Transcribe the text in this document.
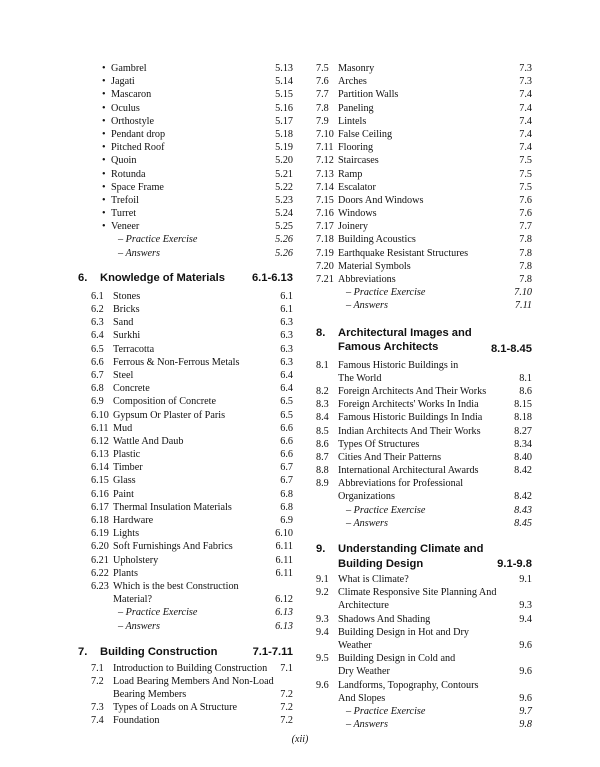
• Gambrel	5.13
• Jagati	5.14
• Mascaron	5.15
• Oculus	5.16
• Orthostyle	5.17
• Pendant drop	5.18
• Pitched Roof	5.19
• Quoin	5.20
• Rotunda	5.21
• Space Frame	5.22
• Trefoil	5.23
• Turret	5.24
• Veneer	5.25
– Practice Exercise	5.26
– Answers	5.26
6. Knowledge of Materials 6.1-6.13
6.1 Stones	6.1
6.2 Bricks	6.1
6.3 Sand	6.3
6.4 Surkhi	6.3
6.5 Terracotta	6.3
6.6 Ferrous & Non-Ferrous Metals	6.3
6.7 Steel	6.4
6.8 Concrete	6.4
6.9 Composition of Concrete	6.5
6.10 Gypsum Or Plaster of Paris	6.5
6.11 Mud	6.6
6.12 Wattle And Daub	6.6
6.13 Plastic	6.6
6.14 Timber	6.7
6.15 Glass	6.7
6.16 Paint	6.8
6.17 Thermal Insulation Materials	6.8
6.18 Hardware	6.9
6.19 Lights	6.10
6.20 Soft Furnishings And Fabrics	6.11
6.21 Upholstery	6.11
6.22 Plants	6.11
6.23 Which is the best Construction
Material?	6.12
– Practice Exercise	6.13
– Answers	6.13
7. Building Construction	7.1-7.11
7.1 Introduction to Building Construction 7.1
7.2 Load Bearing Members And Non-Load
Bearing Members	7.2
7.3 Types of Loads on A Structure	7.2
7.4 Foundation	7.2
7.5 Masonry	7.3
7.6 Arches	7.3
7.7 Partition Walls	7.4
7.8 Paneling	7.4
7.9 Lintels	7.4
7.10 False Ceiling	7.4
7.11 Flooring	7.4
7.12 Staircases	7.5
7.13 Ramp	7.5
7.14 Escalator	7.5
7.15 Doors And Windows	7.6
7.16 Windows	7.6
7.17 Joinery	7.7
7.18 Building Acoustics	7.8
7.19 Earthquake Resistant Structures	7.8
7.20 Material Symbols	7.8
7.21 Abbreviations	7.8
– Practice Exercise	7.10
– Answers	7.11
8. Architectural Images and
Famous Architects	8.1-8.45
8.1 Famous Historic Buildings in
The World	8.1
8.2 Foreign Architects And Their Works	8.6
8.3 Foreign Architects' Works In India	8.15
8.4 Famous Historic Buildings In India	8.18
8.5 Indian Architects And Their Works	8.27
8.6 Types Of Structures	8.34
8.7 Cities And Their Patterns	8.40
8.8 International Architectural Awards	8.42
8.9 Abbreviations for Professional
Organizations	8.42
– Practice Exercise	8.43
– Answers	8.45
9. Understanding Climate and
Building Design	9.1-9.8
9.1 What is Climate?	9.1
9.2 Climate Responsive Site Planning And
Architecture	9.3
9.3 Shadows And Shading	9.4
9.4 Building Design in Hot and Dry
Weather	9.6
9.5 Building Design in Cold and
Dry Weather	9.6
9.6 Landforms, Topography, Contours
And Slopes	9.6
– Practice Exercise	9.7
– Answers	9.8
(xii)
